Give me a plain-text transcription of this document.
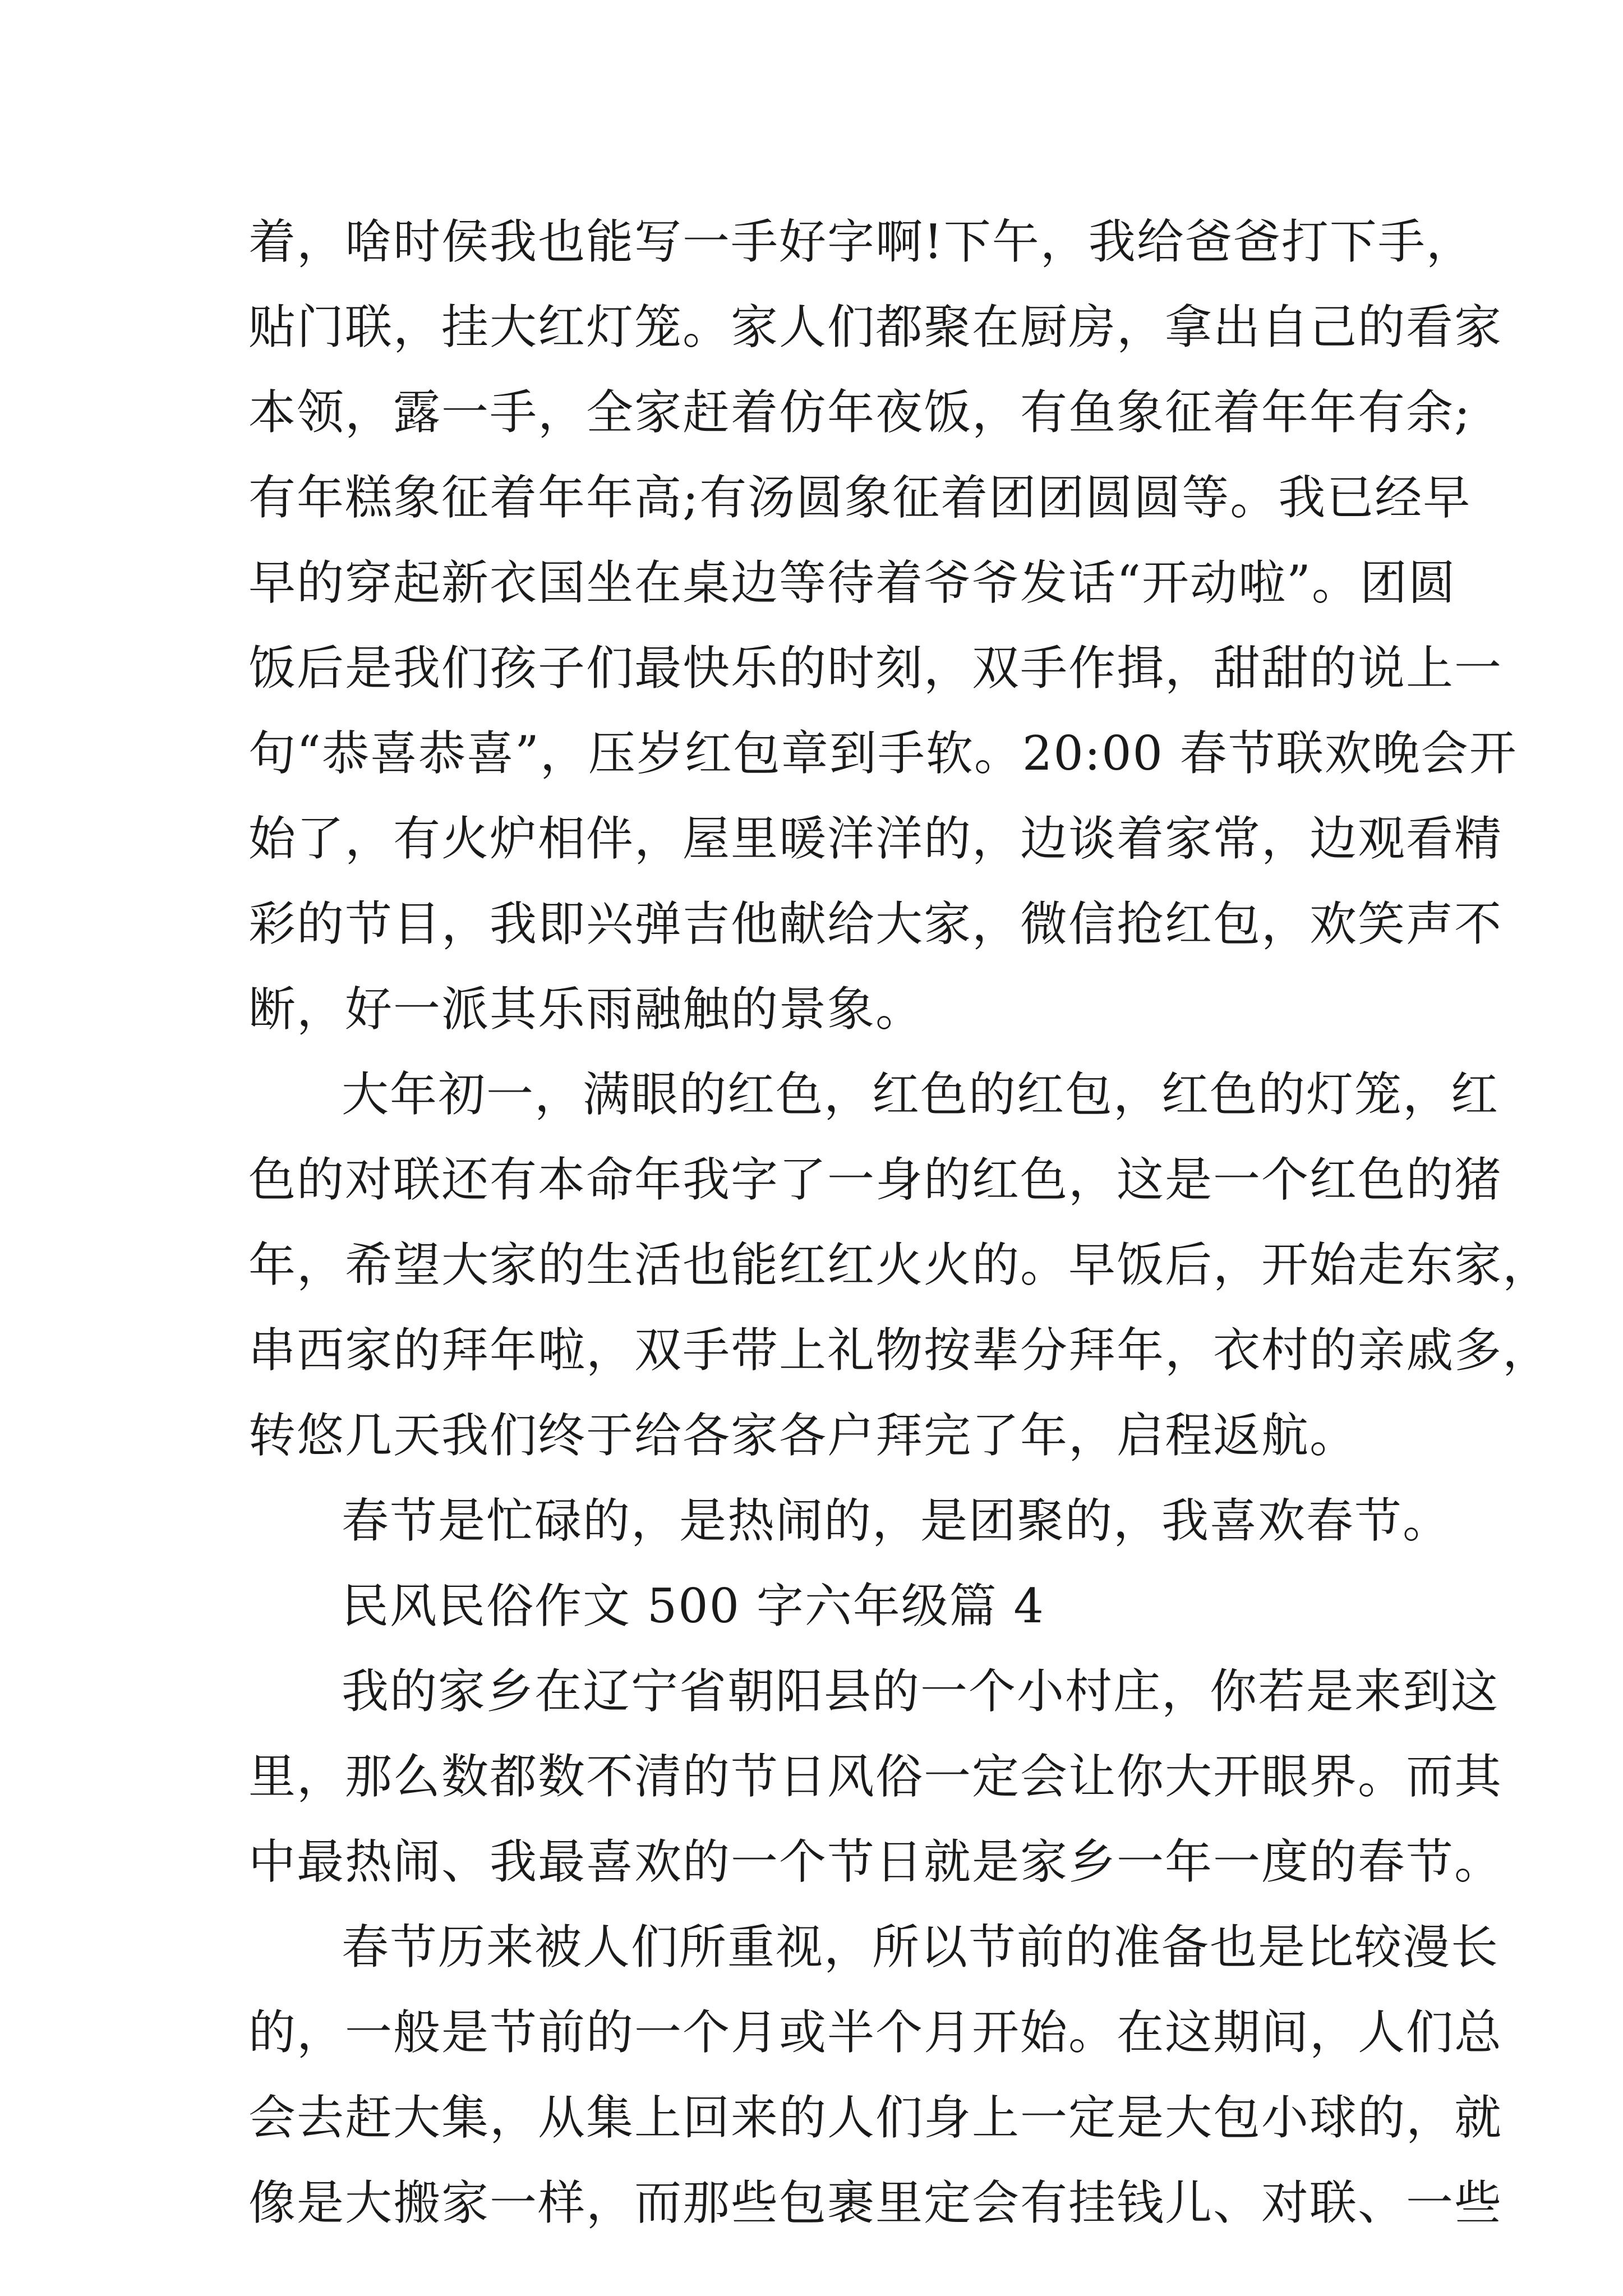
着，啥时侯我也能写一手好字啊!下午，我给爸爸打下手，
贴门联，挂大红灯笼。家人们都聚在厨房，拿出自己的看家
本领，露一手，全家赶着仿年夜饭，有鱼象征着年年有余;
有年糕象征着年年高;有汤圆象征着团团圆圆等。我已经早
早的穿起新衣国坐在桌边等待着爷爷发话“开动啦”。团圆
饭后是我们孩子们最快乐的时刻，双手作揖，甜甜的说上一
句“恭喜恭喜”，压岁红包章到手软。20:00 春节联欢晚会开
始了，有火炉相伴，屋里暖洋洋的，边谈着家常，边观看精
彩的节目，我即兴弹吉他献给大家，微信抢红包，欢笑声不
断，好一派其乐雨融触的景象。
大年初一，满眼的红色，红色的红包，红色的灯笼，红
色的对联还有本命年我字了一身的红色，这是一个红色的猪
年，希望大家的生活也能红红火火的。早饭后，开始走东家，
串西家的拜年啦，双手带上礼物按辈分拜年，衣村的亲戚多，
转悠几天我们终于给各家各户拜完了年，启程返航。
春节是忙碌的，是热闹的，是团聚的，我喜欢春节。
民风民俗作文 500 字六年级篇 4
我的家乡在辽宁省朝阳县的一个小村庄，你若是来到这
里，那么数都数不清的节日风俗一定会让你大开眼界。而其
中最热闹、我最喜欢的一个节日就是家乡一年一度的春节。
春节历来被人们所重视，所以节前的准备也是比较漫长
的，一般是节前的一个月或半个月开始。在这期间，人们总
会去赶大集，从集上回来的人们身上一定是大包小球的，就
像是大搬家一样，而那些包裹里定会有挂钱儿、对联、一些
